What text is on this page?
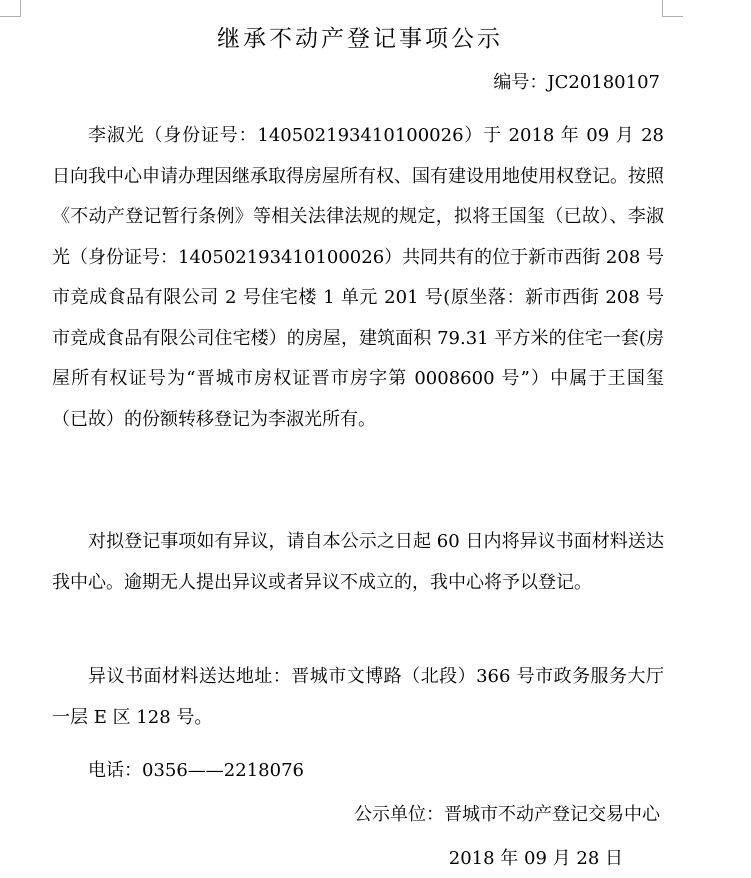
继承不动产登记事项公示
编号：JC20180107

李淑光（身份证号：140502193410100026）于 2018 年 09 月 28 日向我中心申请办理因继承取得房屋所有权、国有建设用地使用权登记。按照《不动产登记暂行条例》等相关法律法规的规定，拟将王国玺（已故）、李淑光（身份证号：140502193410100026）共同共有的位于新市西街 208 号市竞成食品有限公司 2 号住宅楼 1 单元 201 号(原坐落：新市西街 208 号市竞成食品有限公司住宅楼）的房屋，建筑面积 79.31 平方米的住宅一套(房屋所有权证号为“晋城市房权证晋市房字第 0008600 号”）中属于王国玺（已故）的份额转移登记为李淑光所有。

对拟登记事项如有异议，请自本公示之日起 60 日内将异议书面材料送达我中心。逾期无人提出异议或者异议不成立的，我中心将予以登记。

异议书面材料送达地址：晋城市文博路（北段）366 号市政务服务大厅一层 E 区 128 号。

电话：0356——2218076

公示单位：晋城市不动产登记交易中心
2018 年 09 月 28 日
